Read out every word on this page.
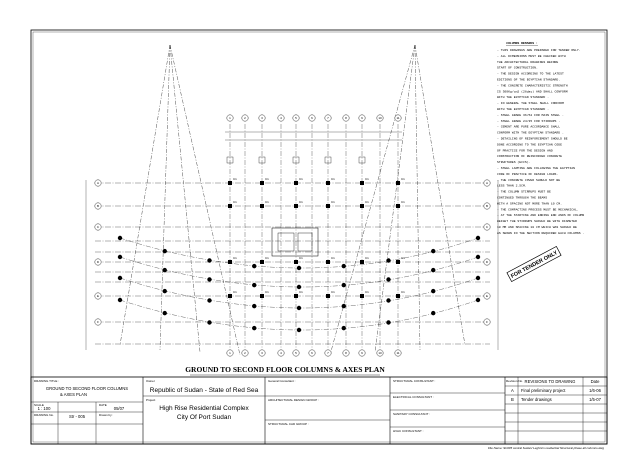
1
1
2
2
3
3
4
4
5
5
6
6
7
7
8
8
9
9
10
10
11
11
A	A
B	B
C	C
D	D
E	E
F	F
C1	C1	C1	C1	C1	C1
C1	C1	C1	C1	C1	C1
C1	C1	C1	C1	C1	C1
C1	C1	C1	C1	C1	C1
FOR TENDER ONLY
GROUND TO SECOND FLOOR COLUMNS & AXES PLAN
COLUMNS REMARKS :
- THIS DRAWINGS ARE PREPARED FOR TENDER ONLY.
- ALL DIMENSIONS MUST BE CHECKED WITH
THE ARCHITECTURAL DRAWINGS BEFORE
START OF CONSTRUCTION.
- THE DESIGN ACCORDING TO THE LATEST
EDITIONS OF THE EGYPTIAN STANDARD.
- THE CONCRETE CHARACTERISTIC STRENGTH
IS 300Kg/cm2 (28day) AND SHALL CONFORM
WITH THE EGYPTIAN STANDARD .
- IN GENERAL THE STEEL SHALL CONFORM
WITH THE EGYPTIAN STANDARD .
- STEEL GRADE 36/52 FOR MAIN STEEL .
- STEEL GRADE 24/35 FOR STIRRUPS .
- CEMENT ARE PURE ACCORDANCE SHALL
CONFORM WITH THE EGYPTIAN STANDARD .
- DETAILING OF REINFORCEMENT SHOULD BE
DONE ACCORDING TO THE EGYPTIAN CODE
OF PRACTICE FOR THE DESIGN AND
CONSTRUCTION OF REINFORCED CONCRETE
STRUCTURES (ECCS).
- STEEL LAPPING ARE FOLLOWING THE EGYPTIAN
CODE OF PRACTICE OF DESIGN LOADS.
- THE CONCRETE COVER SHOULD NOT BE
LESS THAN 2.5CM.
- THE COLUMN STIRRUPS MUST BE
CONTINUED THROUGH THE BEAMS
WITH A SPACING NOT MORE THAN 10 CM.
- THE COMPACTING PROCESS MUST BE MECHANICAL.
- AT THE STARTING AND ENDING END ANDS OF COLUMN
HEIGHT THE STIRRUPS SHOULD BE WITH DIAMETER
10 MM AND SPACING 10 CM WHICH WAS SHOULD BE
AS SHOWN IN THE SECTION REQUIRED EACH COLUMNS .
DRAWING TITLE :
GROUND TO SECOND FLOOR COLUMNS
& AXES PLAN
SCALE
1 : 100
DATE
05/07
DRAWING No.	Str - 005	Drawn by:
Owner
Republic of Sudan - State of Red Sea
Project
High Rise Residential Complex
City Of Port Sudan
General Consultant :
ARCHITECTURAL DESIGN GROUP :
STRUCTURAL CAD GROUP :
STRUCTURAL CONSULTANT :
ELECTRICAL CONSULTANT :
SANITARY CONSULTANT :
HVAC CONSULTANT :
Revision No. REVISIONS TO DRAWING	Date
A Final preliminary project	1/6-06
B Tender drawings	1/5-07
File Name: Str005 central Sudan/ Leghnim residential Structural phase all columns.dwg
